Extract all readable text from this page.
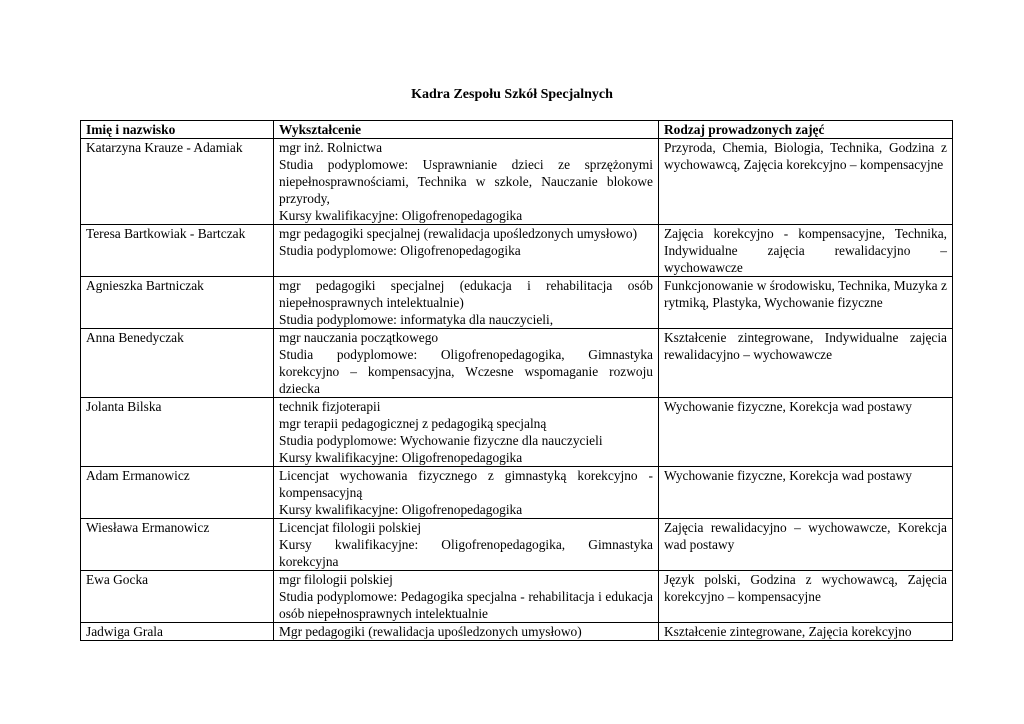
Kadra Zespołu Szkół Specjalnych
Imię i nazwisko	Wykształcenie	Rodzaj prowadzonych zajęć
Katarzyna Krauze - Adamiak	mgr inż. Rolnictwa
Studia podyplomowe: Usprawnianie dzieci ze sprzężonymi niepełnosprawnościami, Technika w szkole, Nauczanie blokowe przyrody,
Kursy kwalifikacyjne: Oligofrenopedagogika	Przyroda, Chemia, Biologia, Technika, Godzina z wychowawcą, Zajęcia korekcyjno – kompensacyjne

Teresa Bartkowiak - Bartczak	mgr pedagogiki specjalnej (rewalidacja upośledzonych umysłowo)
Studia podyplomowe: Oligofrenopedagogika	Zajęcia korekcyjno - kompensacyjne, Technika, Indywidualne zajęcia rewalidacyjno – wychowawcze

Agnieszka Bartniczak	mgr pedagogiki specjalnej (edukacja i rehabilitacja osób niepełnosprawnych intelektualnie)
Studia podyplomowe: informatyka dla nauczycieli,	Funkcjonowanie w środowisku, Technika, Muzyka z rytmiką, Plastyka, Wychowanie fizyczne

Anna Benedyczak	mgr nauczania początkowego
Studia podyplomowe: Oligofrenopedagogika, Gimnastyka korekcyjno – kompensacyjna, Wczesne wspomaganie rozwoju dziecka	Kształcenie zintegrowane, Indywidualne zajęcia rewalidacyjno – wychowawcze

Jolanta Bilska	technik fizjoterapii
mgr terapii pedagogicznej z pedagogiką specjalną
Studia podyplomowe: Wychowanie fizyczne dla nauczycieli
Kursy kwalifikacyjne: Oligofrenopedagogika	Wychowanie fizyczne, Korekcja wad postawy

Adam Ermanowicz	Licencjat wychowania fizycznego z gimnastyką korekcyjno - kompensacyjną
Kursy kwalifikacyjne: Oligofrenopedagogika	Wychowanie fizyczne, Korekcja wad postawy

Wiesława Ermanowicz	Licencjat filologii polskiej
Kursy kwalifikacyjne: Oligofrenopedagogika, Gimnastyka korekcyjna	Zajęcia rewalidacyjno – wychowawcze, Korekcja wad postawy

Ewa Gocka	mgr filologii polskiej
Studia podyplomowe: Pedagogika specjalna - rehabilitacja i edukacja osób niepełnosprawnych intelektualnie	Język polski, Godzina z wychowawcą, Zajęcia korekcyjno – kompensacyjne

Jadwiga Grala	Mgr pedagogiki (rewalidacja upośledzonych umysłowo)	Kształcenie zintegrowane, Zajęcia korekcyjno
